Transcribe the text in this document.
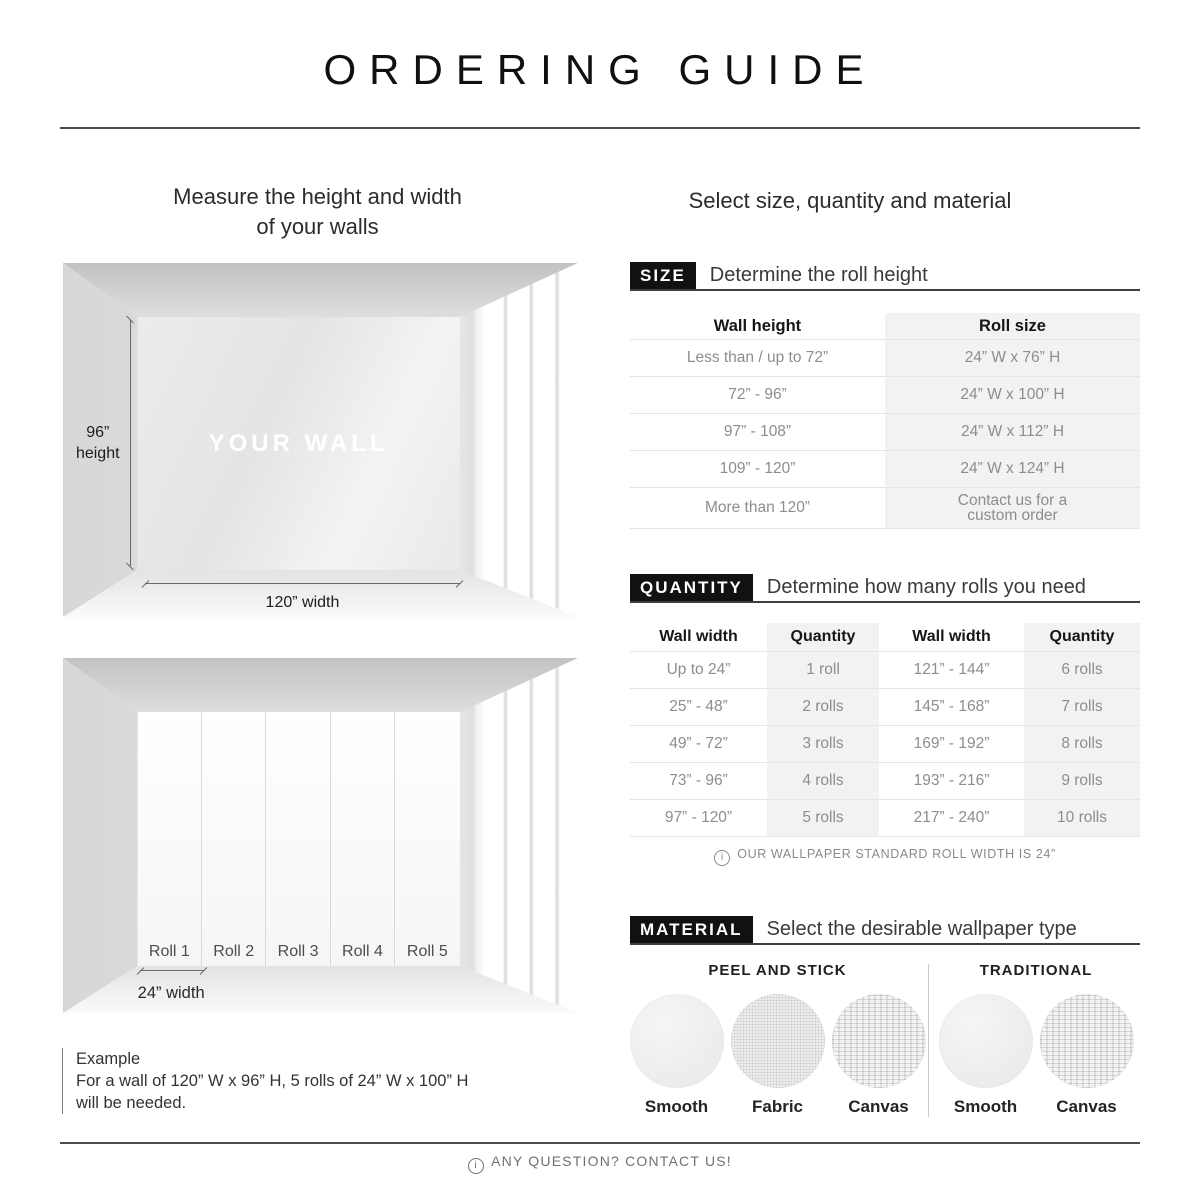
ORDERING GUIDE
Measure the height and width
of your walls
Select size, quantity and material
YOUR WALL
96”
height
120” width
Roll 1	Roll 2	Roll 3	Roll 4	Roll 5
24” width
Example
For a wall of 120” W x 96” H, 5 rolls of 24” W x 100” H
will be needed.
SIZE	Determine the roll height
Wall height	Roll size
Less than / up to 72”	24” W x 76” H
72” - 96”	24” W x 100” H
97” - 108”	24” W x 112” H
109” - 120”	24” W x 124” H
More than 120”	Contact us for a custom order
QUANTITY	Determine how many rolls you need
Wall width	Quantity	Wall width	Quantity
Up to 24”	1 roll	121” - 144”	6 rolls
25” - 48”	2 rolls	145” - 168”	7 rolls
49” - 72”	3 rolls	169” - 192”	8 rolls
73” - 96”	4 rolls	193” - 216”	9 rolls
97” - 120”	5 rolls	217” - 240”	10 rolls
i OUR WALLPAPER STANDARD ROLL WIDTH IS 24”
MATERIAL	Select the desirable wallpaper type
PEEL AND STICK
Smooth	Fabric	Canvas
TRADITIONAL
Smooth	Canvas
i ANY QUESTION? CONTACT US!
